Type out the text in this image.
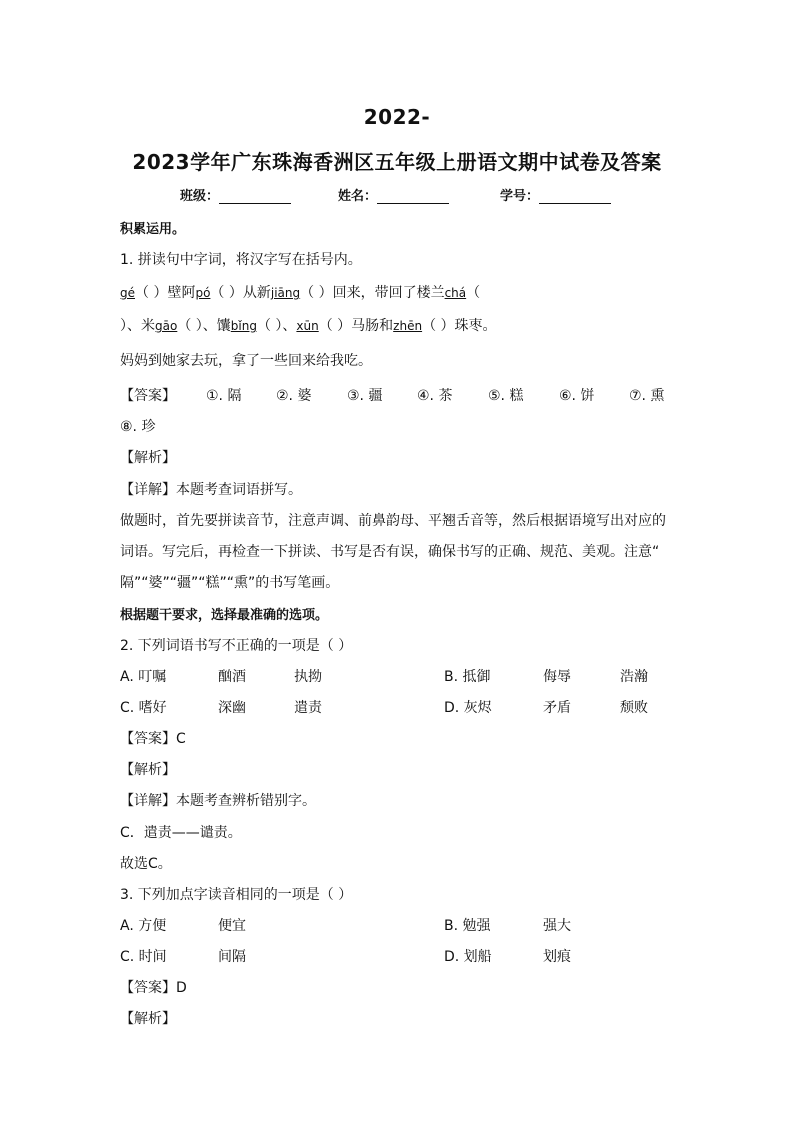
2022-
2023学年广东珠海香洲区五年级上册语文期中试卷及答案
班级：	姓名：	学号：
积累运用。
1. 拼读句中字词，将汉字写在括号内。
gé（ ）壁阿pó（ ）从新jiāng（ ）回来，带回了楼兰chá（
）、米gāo（ ）、馕bǐng（ ）、xūn（ ）马肠和zhēn（ ）珠枣。
妈妈到她家去玩，拿了一些回来给我吃。
【答案】 ①. 隔 ②. 婆	③. 疆 ④. 茶	⑤. 糕	⑥. 饼 ⑦. 熏
⑧. 珍
【解析】
【详解】本题考查词语拼写。
做题时，首先要拼读音节，注意声调、前鼻韵母、平翘舌音等，然后根据语境写出对应的
词语。写完后，再检查一下拼读、书写是否有误，确保书写的正确、规范、美观。注意“
隔”“婆”“疆”“糕”“熏”的书写笔画。
根据题干要求，选择最准确的选项。
2. 下列词语书写不正确的一项是（ ）
A. 叮嘱	酗酒	执拗	B. 抵御	侮辱	浩瀚
C. 嗜好	深幽	遣责	D. 灰烬	矛盾	颓败
【答案】C
【解析】
【详解】本题考查辨析错别字。
C．遣责——谴责。
故选C。
3. 下列加点字读音相同的一项是（ ）
A. 方便	便宜	B. 勉强	强大
C. 时间	间隔	D. 划船	划痕
【答案】D
【解析】
